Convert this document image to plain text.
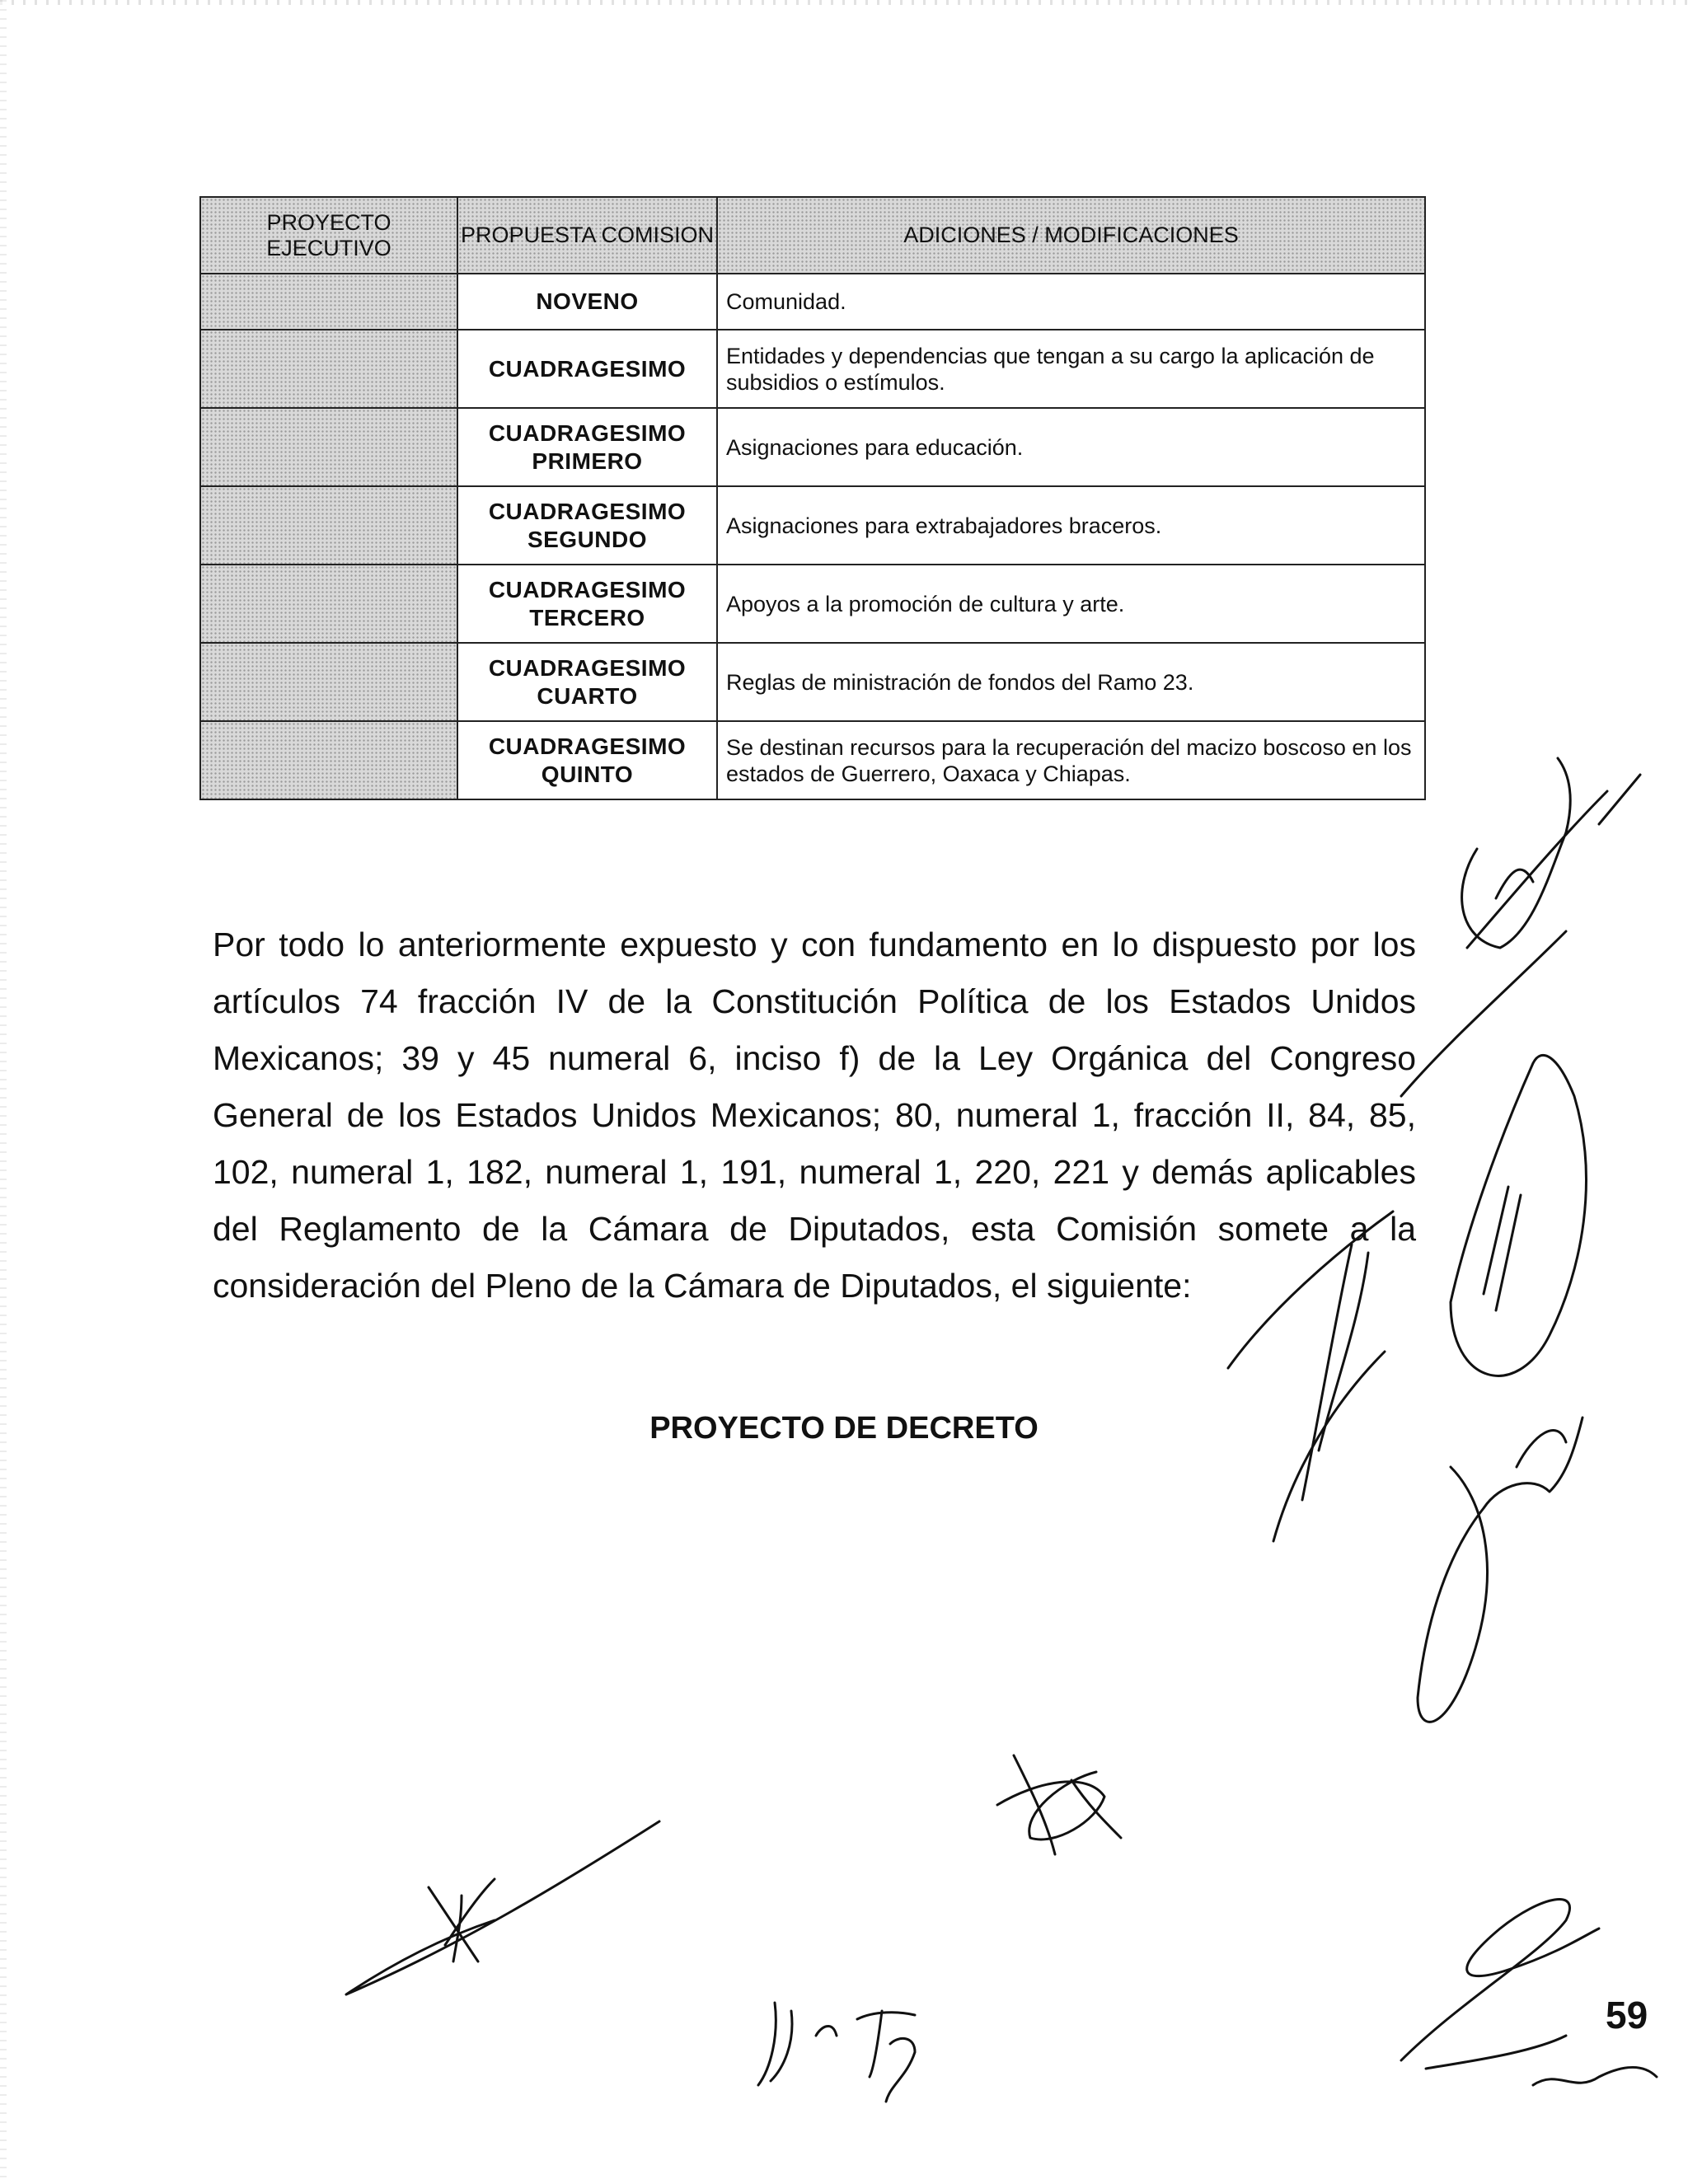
PROYECTO EJECUTIVO	PROPUESTA COMISION	ADICIONES / MODIFICACIONES
	NOVENO	Comunidad.
	CUADRAGESIMO	Entidades y dependencias que tengan a su cargo la aplicación de subsidios o estímulos.
	CUADRAGESIMO PRIMERO	Asignaciones para educación.
	CUADRAGESIMO SEGUNDO	Asignaciones para extrabajadores braceros.
	CUADRAGESIMO TERCERO	Apoyos a la promoción de cultura y arte.
	CUADRAGESIMO CUARTO	Reglas de ministración de fondos del Ramo 23.
	CUADRAGESIMO QUINTO	Se destinan recursos para la recuperación del macizo boscoso en los estados de Guerrero, Oaxaca y Chiapas.

Por todo lo anteriormente expuesto y con fundamento en lo dispuesto por los artículos 74 fracción IV de la Constitución Política de los Estados Unidos Mexicanos; 39 y 45 numeral 6, inciso f) de la Ley Orgánica del Congreso General de los Estados Unidos Mexicanos; 80, numeral 1, fracción II, 84, 85, 102, numeral 1, 182, numeral 1, 191, numeral 1, 220, 221 y demás aplicables del Reglamento de la Cámara de Diputados, esta Comisión somete a la consideración del Pleno de la Cámara de Diputados, el siguiente:

PROYECTO DE DECRETO

59
